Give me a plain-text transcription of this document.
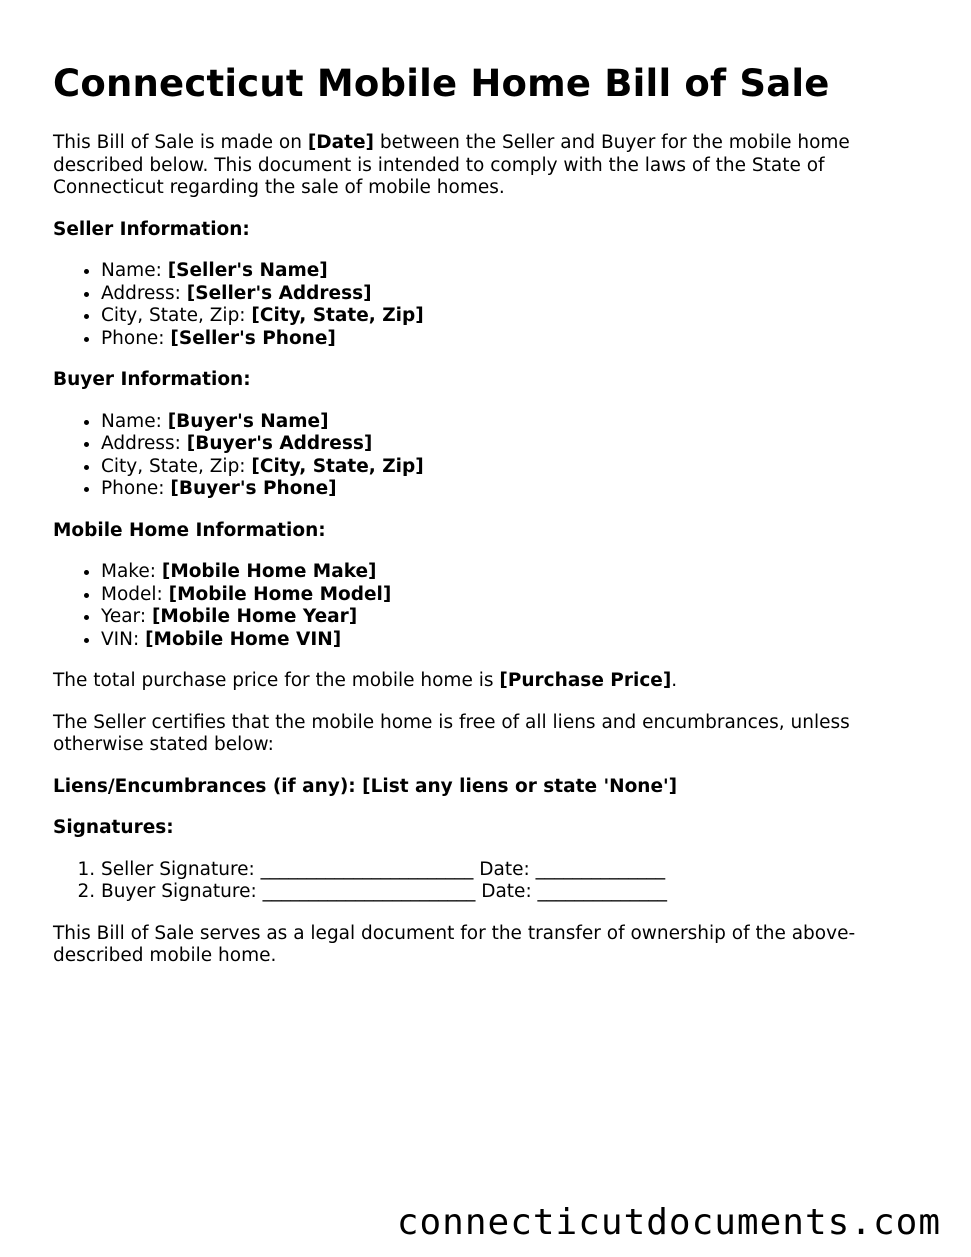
Connecticut Mobile Home Bill of Sale

This Bill of Sale is made on [Date] between the Seller and Buyer for the mobile home described below. This document is intended to comply with the laws of the State of Connecticut regarding the sale of mobile homes.

Seller Information:

• Name: [Seller's Name]
• Address: [Seller's Address]
• City, State, Zip: [City, State, Zip]
• Phone: [Seller's Phone]

Buyer Information:

• Name: [Buyer's Name]
• Address: [Buyer's Address]
• City, State, Zip: [City, State, Zip]
• Phone: [Buyer's Phone]

Mobile Home Information:

• Make: [Mobile Home Make]
• Model: [Mobile Home Model]
• Year: [Mobile Home Year]
• VIN: [Mobile Home VIN]

The total purchase price for the mobile home is [Purchase Price].

The Seller certifies that the mobile home is free of all liens and encumbrances, unless otherwise stated below:

Liens/Encumbrances (if any): [List any liens or state 'None']

Signatures:

1. Seller Signature: _______________________ Date: ______________
2. Buyer Signature: _______________________ Date: ______________

This Bill of Sale serves as a legal document for the transfer of ownership of the above-described mobile home.

connecticutdocuments.com
